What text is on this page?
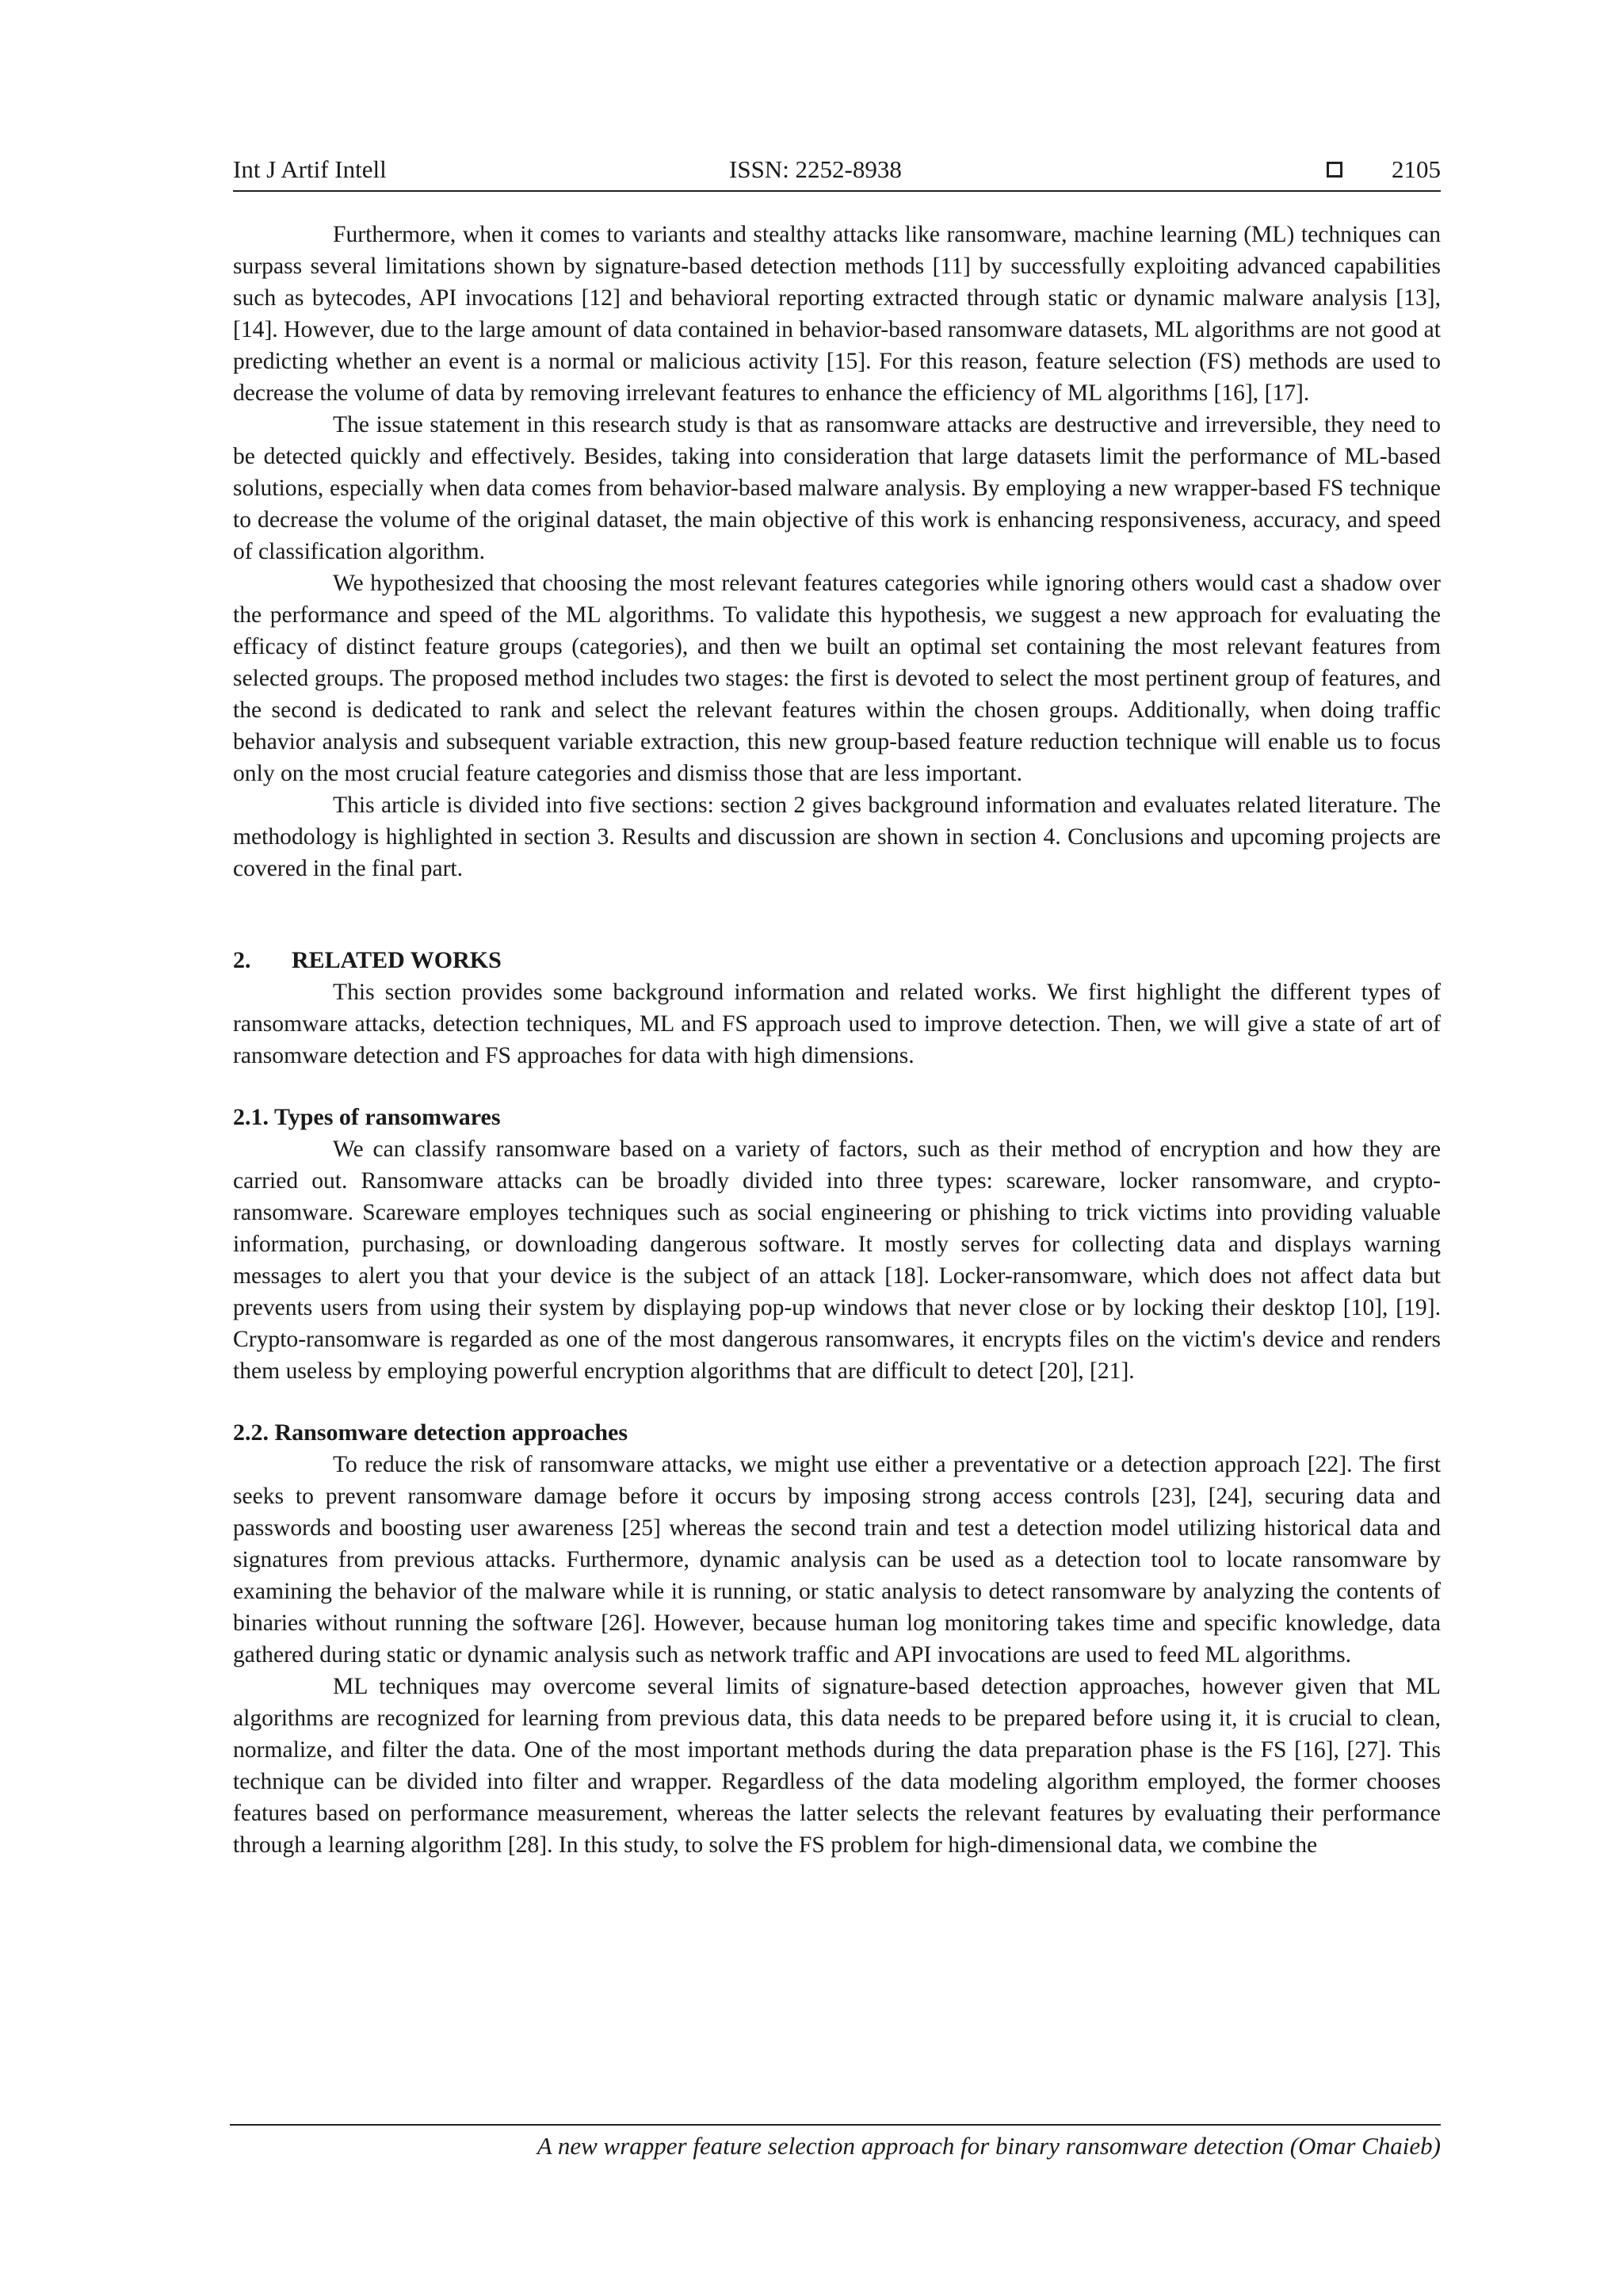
Int J Artif Intell	ISSN: 2252-8938	2105

Furthermore, when it comes to variants and stealthy attacks like ransomware, machine learning (ML) techniques can surpass several limitations shown by signature-based detection methods [11] by successfully exploiting advanced capabilities such as bytecodes, API invocations [12] and behavioral reporting extracted through static or dynamic malware analysis [13], [14]. However, due to the large amount of data contained in behavior-based ransomware datasets, ML algorithms are not good at predicting whether an event is a normal or malicious activity [15]. For this reason, feature selection (FS) methods are used to decrease the volume of data by removing irrelevant features to enhance the efficiency of ML algorithms [16], [17].

The issue statement in this research study is that as ransomware attacks are destructive and irreversible, they need to be detected quickly and effectively. Besides, taking into consideration that large datasets limit the performance of ML-based solutions, especially when data comes from behavior-based malware analysis. By employing a new wrapper-based FS technique to decrease the volume of the original dataset, the main objective of this work is enhancing responsiveness, accuracy, and speed of classification algorithm.

We hypothesized that choosing the most relevant features categories while ignoring others would cast a shadow over the performance and speed of the ML algorithms. To validate this hypothesis, we suggest a new approach for evaluating the efficacy of distinct feature groups (categories), and then we built an optimal set containing the most relevant features from selected groups. The proposed method includes two stages: the first is devoted to select the most pertinent group of features, and the second is dedicated to rank and select the relevant features within the chosen groups. Additionally, when doing traffic behavior analysis and subsequent variable extraction, this new group-based feature reduction technique will enable us to focus only on the most crucial feature categories and dismiss those that are less important.

This article is divided into five sections: section 2 gives background information and evaluates related literature. The methodology is highlighted in section 3. Results and discussion are shown in section 4. Conclusions and upcoming projects are covered in the final part.

2. RELATED WORKS

This section provides some background information and related works. We first highlight the different types of ransomware attacks, detection techniques, ML and FS approach used to improve detection. Then, we will give a state of art of ransomware detection and FS approaches for data with high dimensions.

2.1. Types of ransomwares

We can classify ransomware based on a variety of factors, such as their method of encryption and how they are carried out. Ransomware attacks can be broadly divided into three types: scareware, locker ransomware, and crypto-ransomware. Scareware employes techniques such as social engineering or phishing to trick victims into providing valuable information, purchasing, or downloading dangerous software. It mostly serves for collecting data and displays warning messages to alert you that your device is the subject of an attack [18]. Locker-ransomware, which does not affect data but prevents users from using their system by displaying pop-up windows that never close or by locking their desktop [10], [19]. Crypto-ransomware is regarded as one of the most dangerous ransomwares, it encrypts files on the victim's device and renders them useless by employing powerful encryption algorithms that are difficult to detect [20], [21].

2.2. Ransomware detection approaches

To reduce the risk of ransomware attacks, we might use either a preventative or a detection approach [22]. The first seeks to prevent ransomware damage before it occurs by imposing strong access controls [23], [24], securing data and passwords and boosting user awareness [25] whereas the second train and test a detection model utilizing historical data and signatures from previous attacks. Furthermore, dynamic analysis can be used as a detection tool to locate ransomware by examining the behavior of the malware while it is running, or static analysis to detect ransomware by analyzing the contents of binaries without running the software [26]. However, because human log monitoring takes time and specific knowledge, data gathered during static or dynamic analysis such as network traffic and API invocations are used to feed ML algorithms.

ML techniques may overcome several limits of signature-based detection approaches, however given that ML algorithms are recognized for learning from previous data, this data needs to be prepared before using it, it is crucial to clean, normalize, and filter the data. One of the most important methods during the data preparation phase is the FS [16], [27]. This technique can be divided into filter and wrapper. Regardless of the data modeling algorithm employed, the former chooses features based on performance measurement, whereas the latter selects the relevant features by evaluating their performance through a learning algorithm [28]. In this study, to solve the FS problem for high-dimensional data, we combine the

A new wrapper feature selection approach for binary ransomware detection (Omar Chaieb)
